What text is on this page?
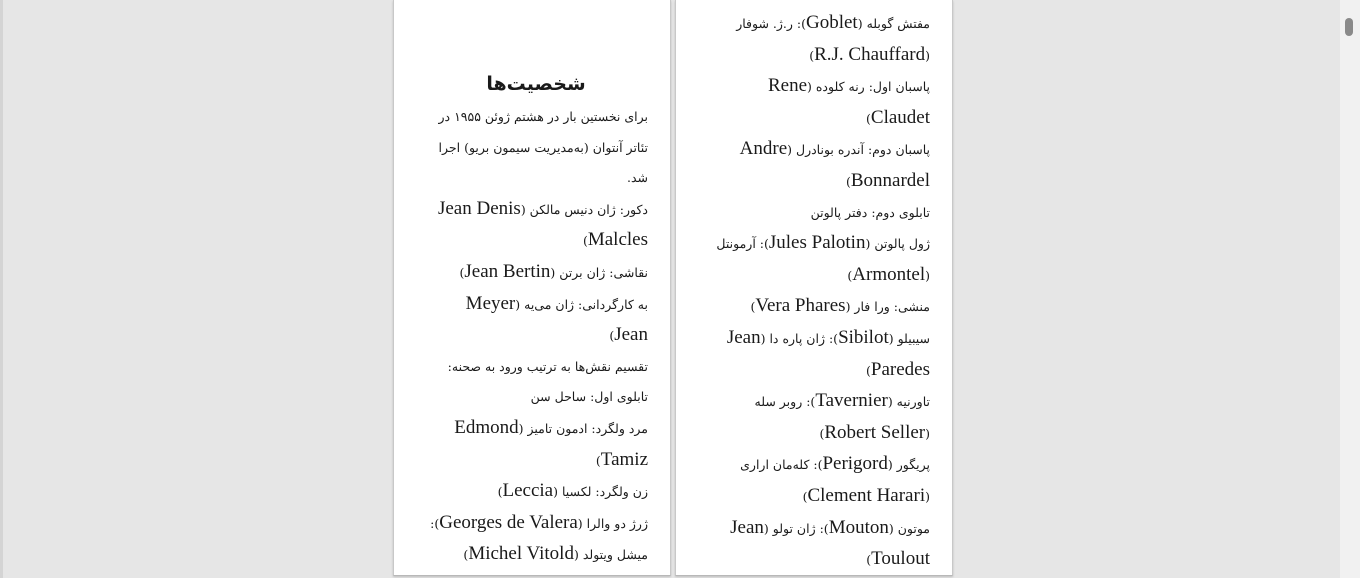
شخصیت‌ها

برای نخستین بار در هشتم ژوئن ۱۹۵۵ در تئاتر آنتوان (به‌مدیریت سیمون بریو) اجرا شد.

دکور: ژان دنیس مالکن (Jean Denis Malcles)

نقاشی: ژان برتن (Jean Bertin)

به کارگردانی: ژان می‌یه (Meyer Jean)

تقسیم نقش‌ها به ترتیب ورود به صحنه:

تابلوی اول: ساحل سن

مرد ولگرد: ادمون تامیز (Edmond Tamiz)

زن ولگرد: لکسیا (Leccia)

ژرژ دو والرا (Georges de Valera):

میشل ویتولد (Michel Vitold)

مفتش گوبله (Goblet): ر.ژ. شوفار (R.J. Chauffard)

پاسبان اول: رنه کلوده (Rene Claudet)

پاسبان دوم: آندره بونادرل (Andre Bonnardel)

تابلوی دوم: دفتر پالوتن

ژول پالوتن (Jules Palotin): آرمونتل (Armontel)

منشی: ورا فار (Vera Phares)

سیبیلو (Sibilot): ژان پاره دا (Jean Paredes)

تاورنیه (Tavernier): روبر سله (Robert Seller)

پریگور (Perigord): کله‌مان اراری (Clement Harari)

موتون (Mouton): ژان تولو (Jean Toulout)
